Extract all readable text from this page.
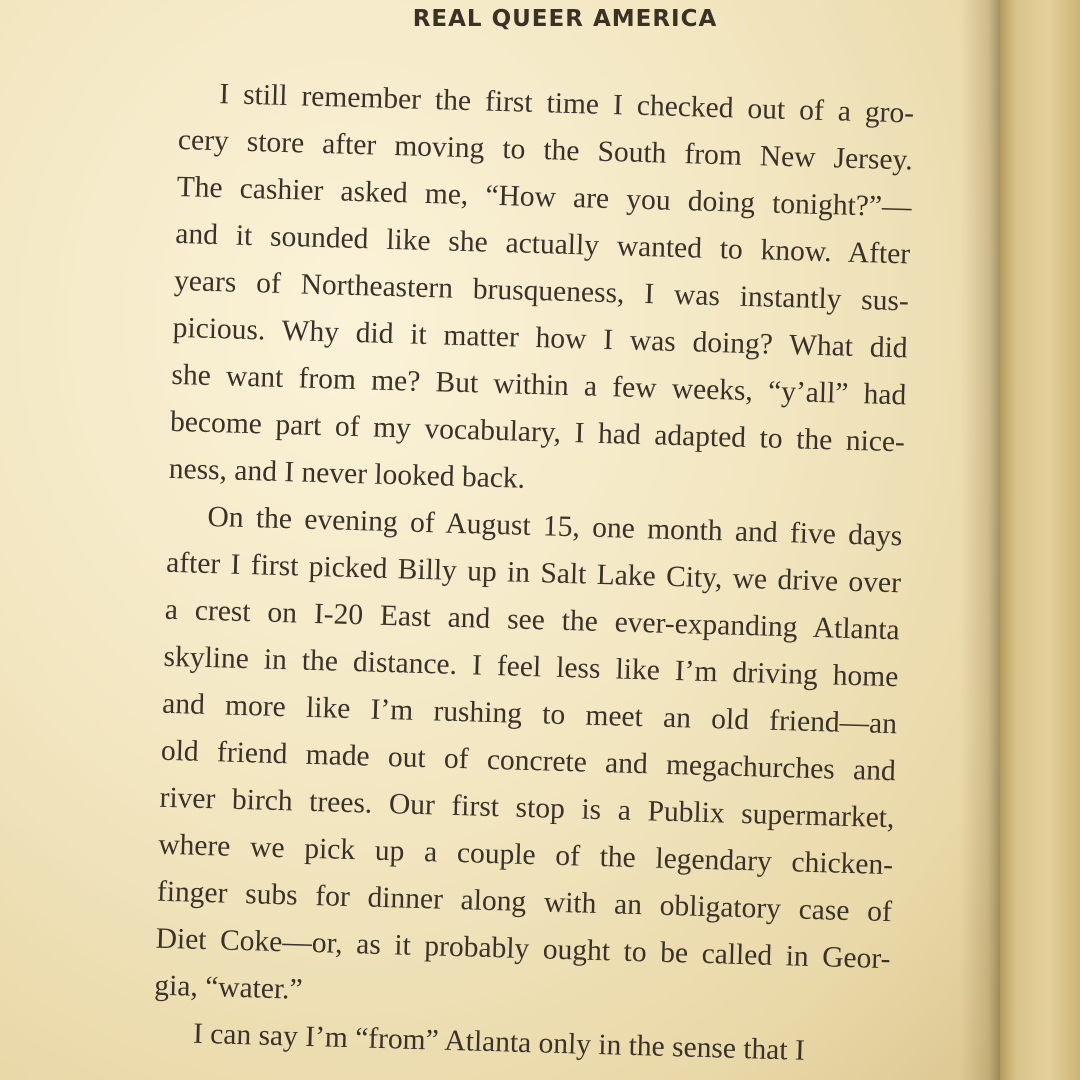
REAL QUEER AMERICA
I still remember the first time I checked out of a gro-
cery store after moving to the South from New Jersey.
The cashier asked me, “How are you doing tonight?”—
and it sounded like she actually wanted to know. After
years of Northeastern brusqueness, I was instantly sus-
picious. Why did it matter how I was doing? What did
she want from me? But within a few weeks, “y’all” had
become part of my vocabulary, I had adapted to the nice-
ness, and I never looked back.
On the evening of August 15, one month and five days
after I first picked Billy up in Salt Lake City, we drive over
a crest on I-20 East and see the ever-expanding Atlanta
skyline in the distance. I feel less like I’m driving home
and more like I’m rushing to meet an old friend—an
old friend made out of concrete and megachurches and
river birch trees. Our first stop is a Publix supermarket,
where we pick up a couple of the legendary chicken-
finger subs for dinner along with an obligatory case of
Diet Coke—or, as it probably ought to be called in Geor-
gia, “water.”
I can say I’m “from” Atlanta only in the sense that I
